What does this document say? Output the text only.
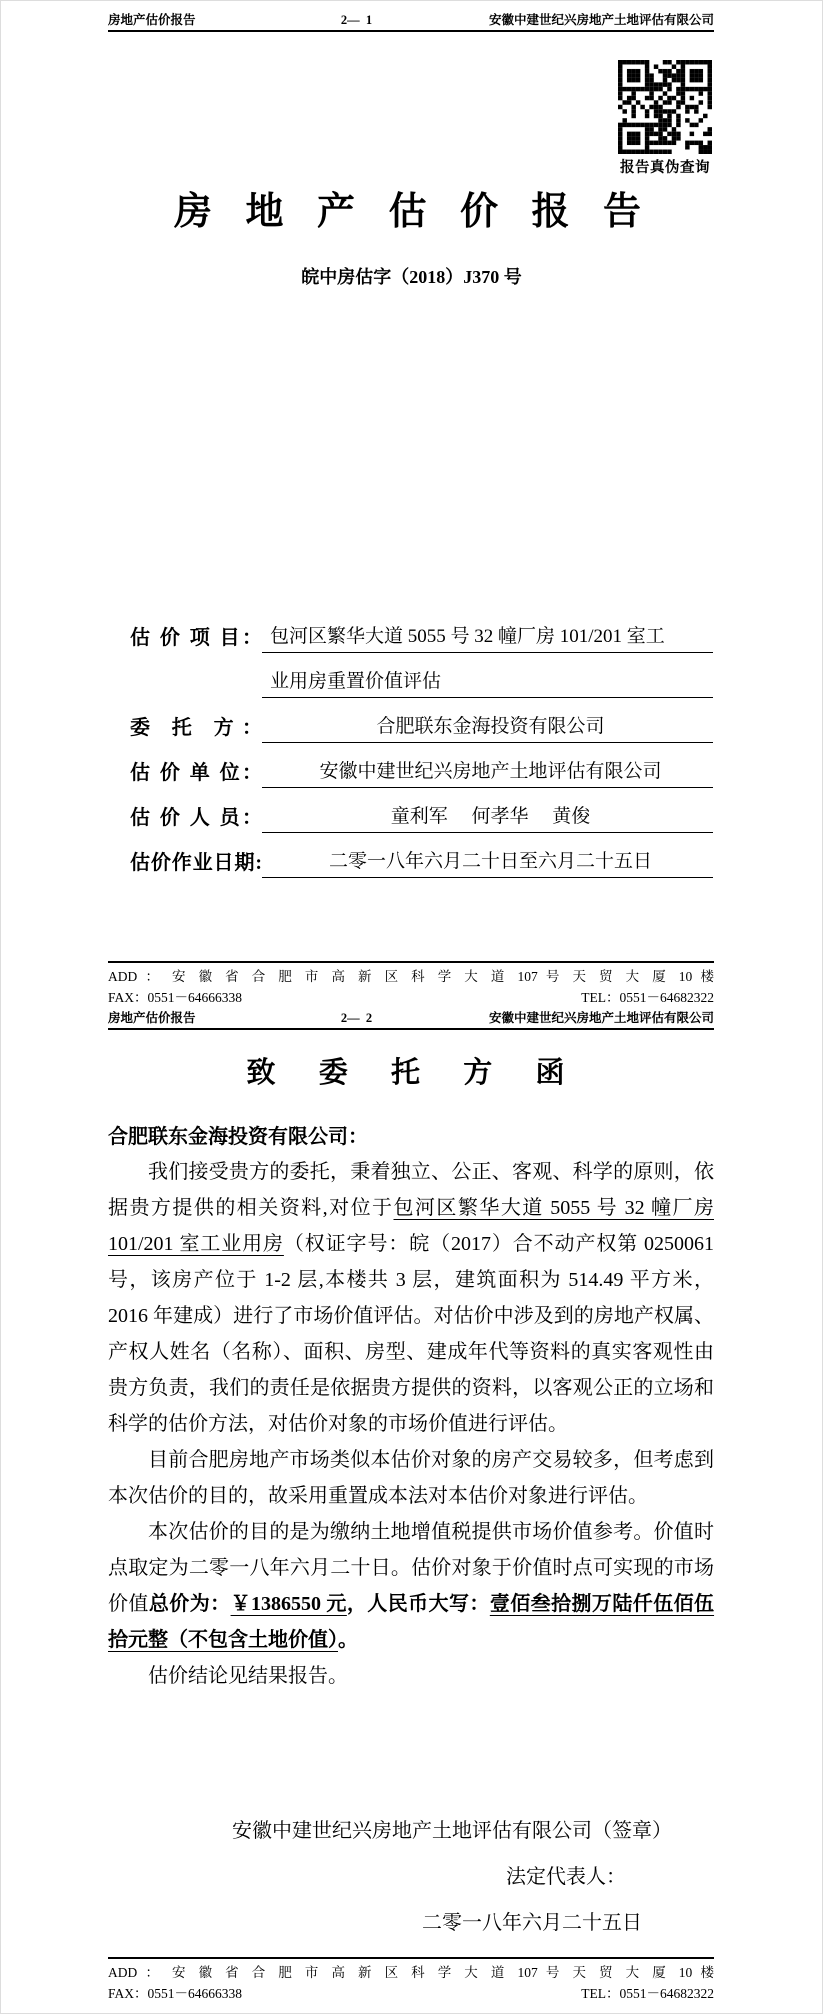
房地产估价报告	2—  1	安徽中建世纪兴房地产土地评估有限公司
报告真伪查询
房 地 产 估 价 报 告
皖中房估字（2018）J370 号
估 价 项 目： 包河区繁华大道 5055 号 32 幢厂房 101/201 室工
业用房重置价值评估
委 托 方：	合肥联东金海投资有限公司
估 价 单 位：	安徽中建世纪兴房地产土地评估有限公司
估 价 人 员：	童利军　 何孝华　 黄俊
估价作业日期:	二零一八年六月二十日至六月二十五日
ADD ： 安 徽 省 合 肥 市 高 新 区 科 学 大 道 107 号 天 贸 大 厦 10 楼
FAX：0551－64666338	TEL：0551－64682322
房地产估价报告	2—  2	安徽中建世纪兴房地产土地评估有限公司
致 委 托 方 函
合肥联东金海投资有限公司：

我们接受贵方的委托，秉着独立、公正、客观、科学的原则，依据贵方提供的相关资料,对位于包河区繁华大道 5055 号 32 幢厂房 101/201 室工业用房（权证字号：皖（2017）合不动产权第 0250061 号，该房产位于 1-2 层,本楼共 3 层，建筑面积为 514.49 平方米，2016 年建成）进行了市场价值评估。对估价中涉及到的房地产权属、产权人姓名（名称）、面积、房型、建成年代等资料的真实客观性由贵方负责，我们的责任是依据贵方提供的资料，以客观公正的立场和科学的估价方法，对估价对象的市场价值进行评估。

目前合肥房地产市场类似本估价对象的房产交易较多，但考虑到本次估价的目的，故采用重置成本法对本估价对象进行评估。

本次估价的目的是为缴纳土地增值税提供市场价值参考。价值时点取定为二零一八年六月二十日。估价对象于价值时点可实现的市场价值总价为：￥1386550 元，人民币大写：壹佰叁拾捌万陆仟伍佰伍拾元整（不包含土地价值）。

估价结论见结果报告。

安徽中建世纪兴房地产土地评估有限公司（签章）
法定代表人：
二零一八年六月二十五日
ADD ： 安 徽 省 合 肥 市 高 新 区 科 学 大 道 107 号 天 贸 大 厦 10 楼
FAX：0551－64666338	TEL：0551－64682322
